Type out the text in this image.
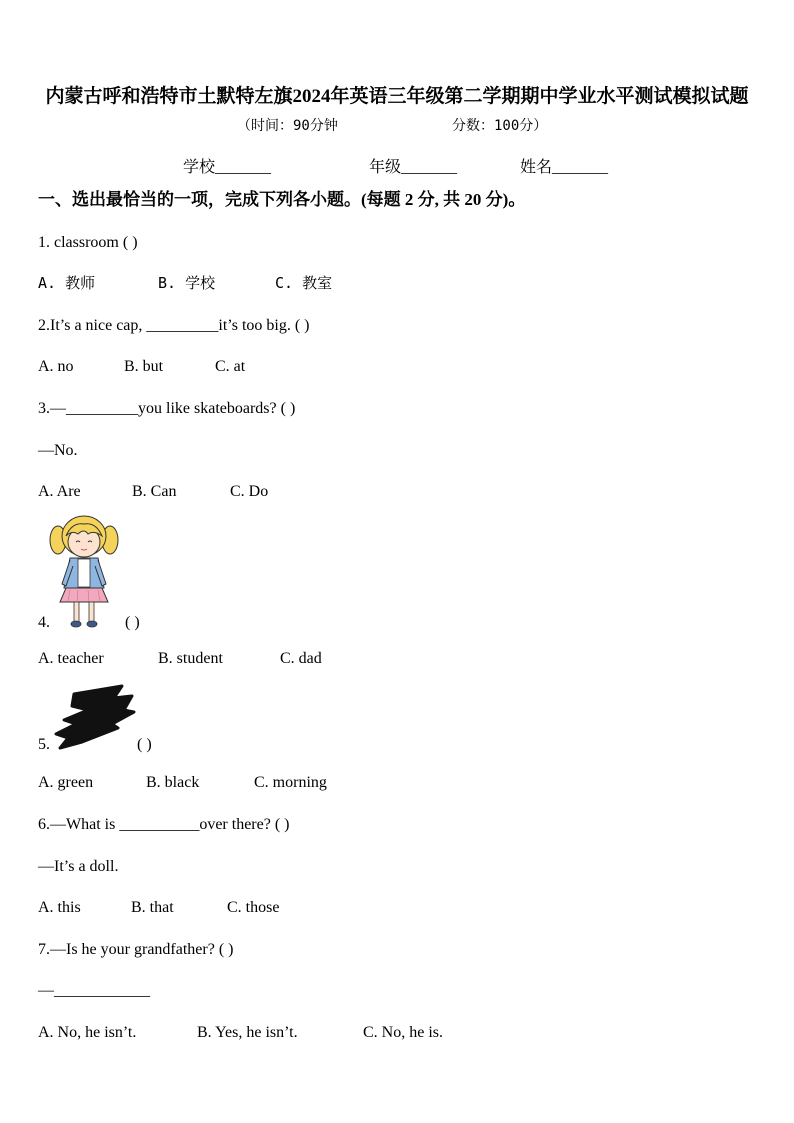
内蒙古呼和浩特市土默特左旗2024年英语三年级第二学期期中学业水平测试模拟试题
（时间：90分钟	分数：100分）
学校_______	年级_______	姓名_______
一、选出最恰当的一项，完成下列各小题。(每题 2 分, 共 20 分)。
1. classroom ( )
A. 教师	B. 学校	C. 教室
2.It’s a nice cap, _________it’s too big. ( )
A. no	B. but	C. at
3.—_________you like skateboards? ( )
—No.
A. Are	B. Can	C. Do
4.	( )
A. teacher	B. student	C. dad
5.	( )
A. green	B. black	C. morning
6.—What is __________over there? ( )
—It’s a doll.
A. this	B. that	C. those
7.—Is he your grandfather? ( )
—____________
A. No, he isn’t.	B. Yes, he isn’t.	C. No, he is.
